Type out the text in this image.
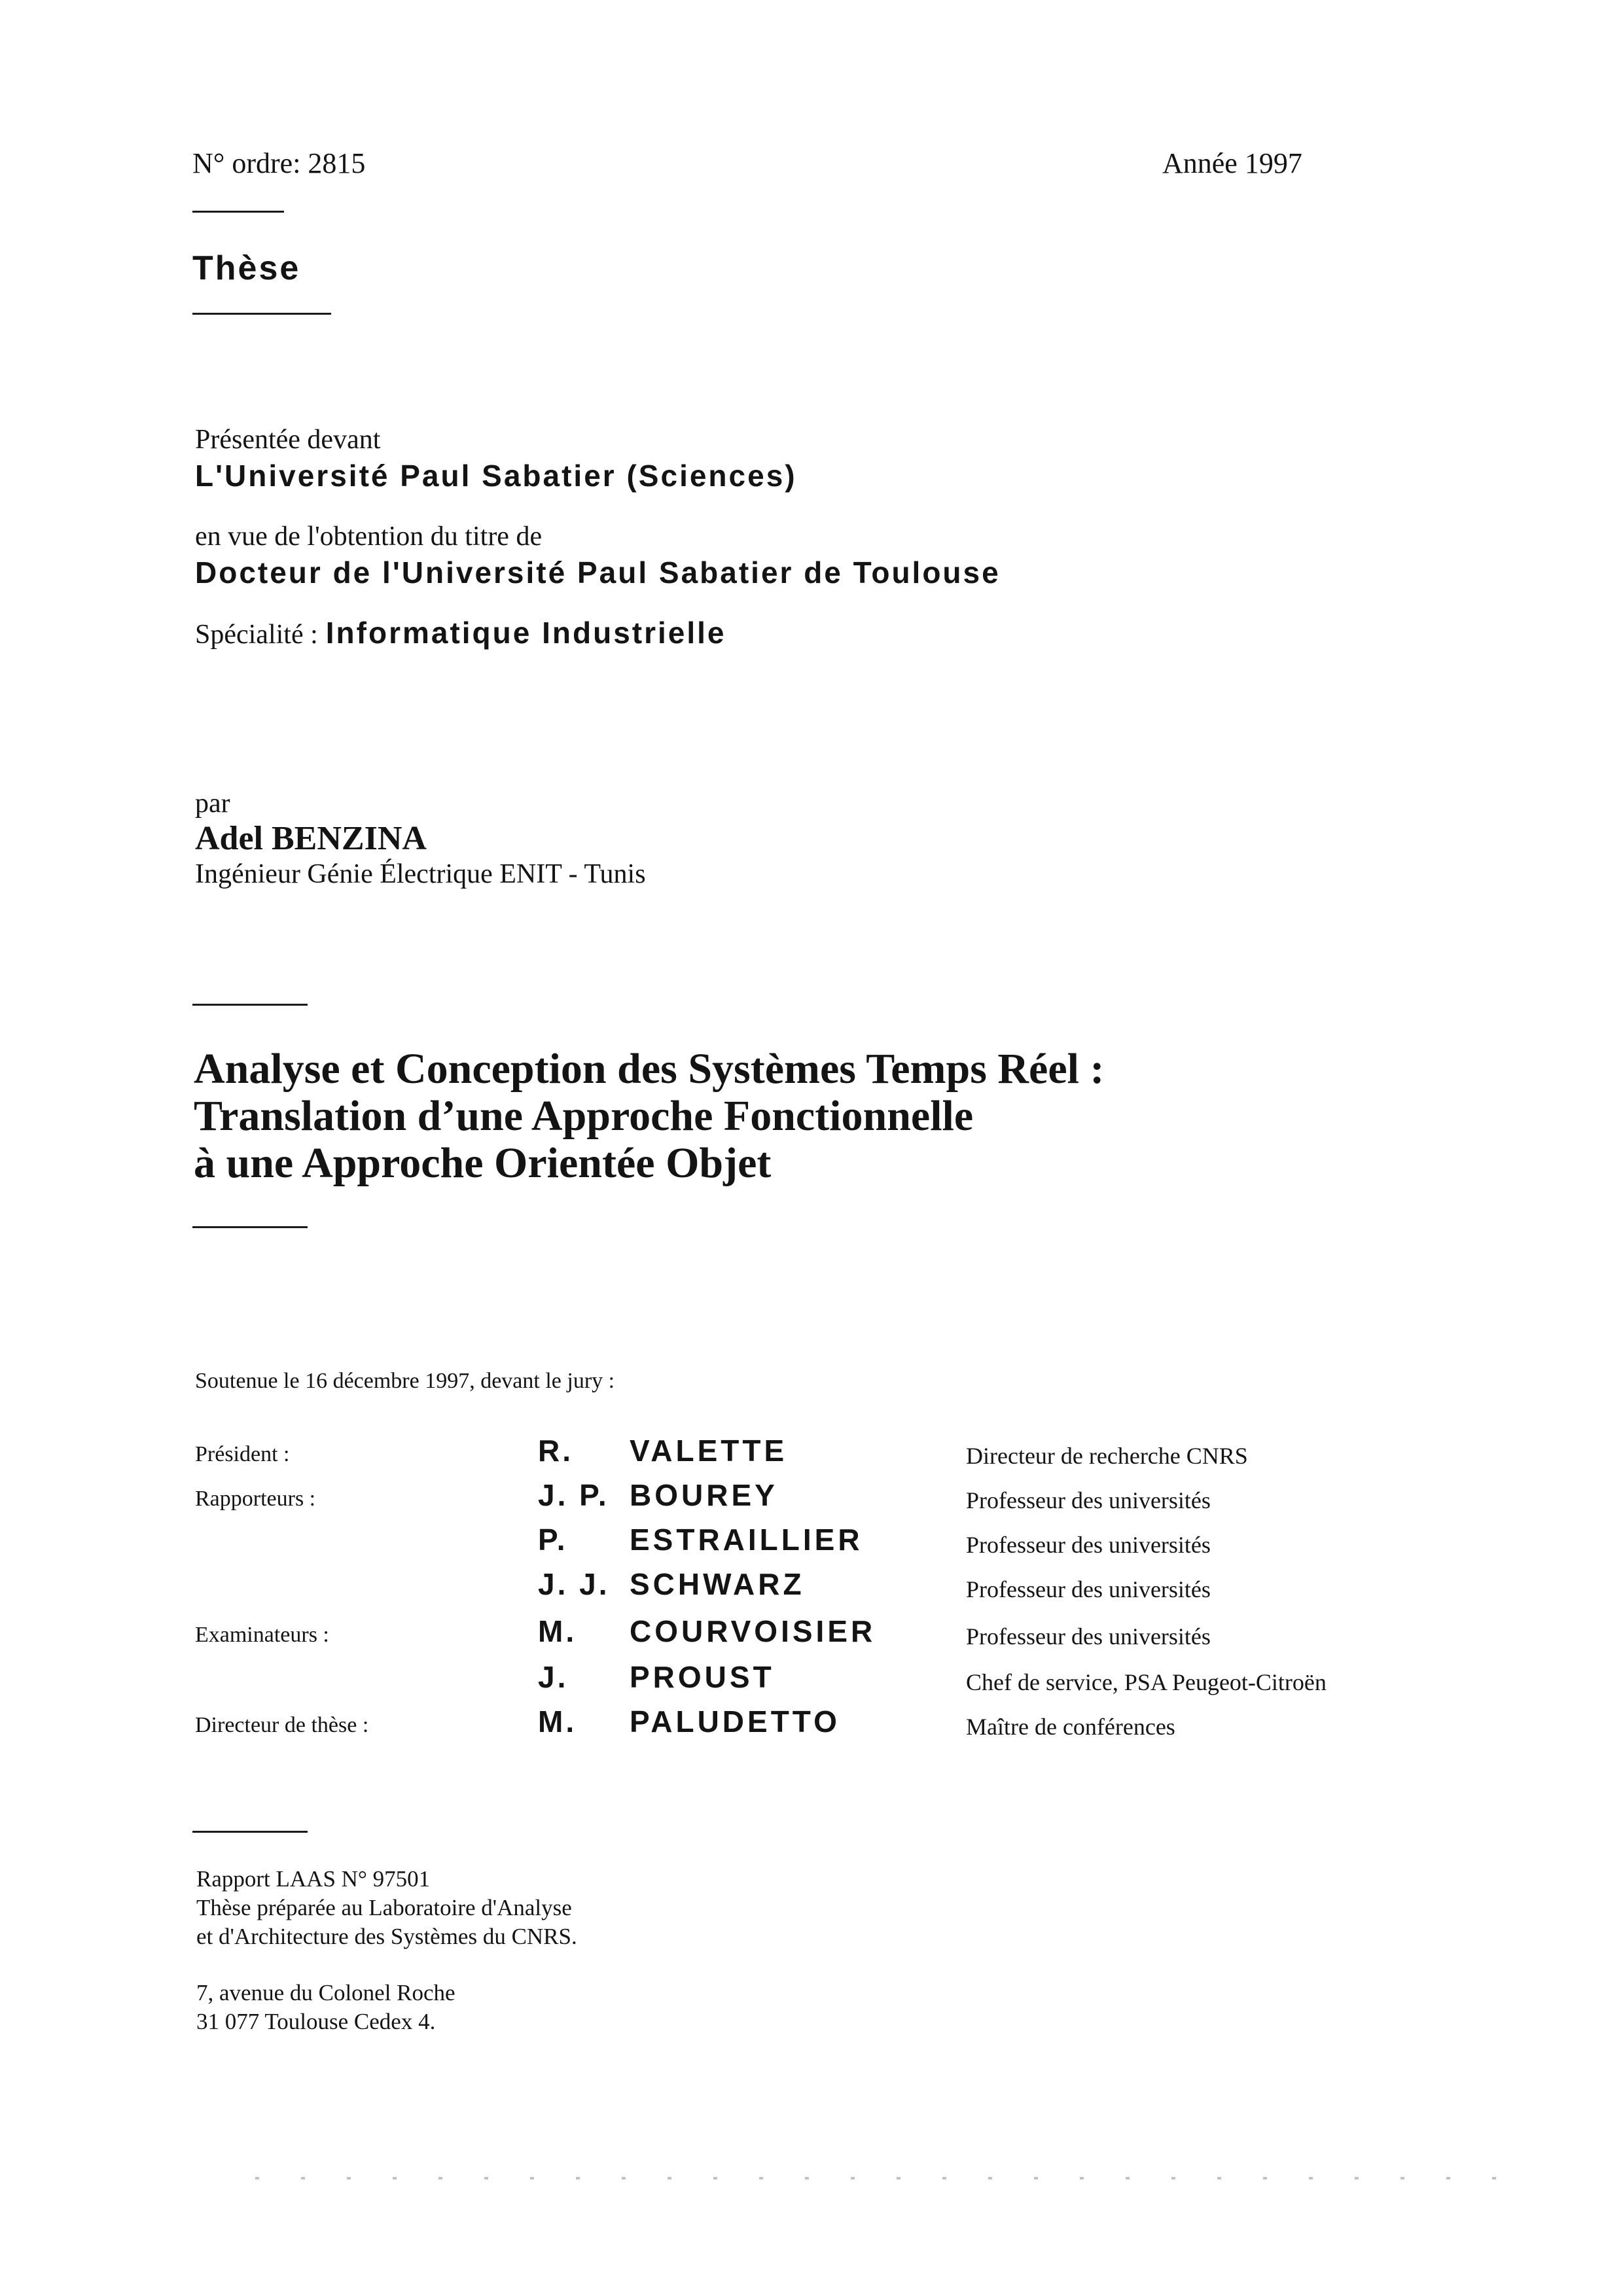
N° ordre: 2815	Année 1997
Thèse
Présentée devant
L'Université Paul Sabatier (Sciences)
en vue de l'obtention du titre de
Docteur de l'Université Paul Sabatier de Toulouse
Spécialité : Informatique Industrielle
par
Adel BENZINA
Ingénieur Génie Électrique ENIT - Tunis
Analyse et Conception des Systèmes Temps Réel :
Translation d’une Approche Fonctionnelle
à une Approche Orientée Objet
Soutenue le 16 décembre 1997, devant le jury :
Président :	R. VALETTE	Directeur de recherche CNRS
Rapporteurs :	J. P. BOUREY	Professeur des universités
P. ESTRAILLIER	Professeur des universités
J. J. SCHWARZ	Professeur des universités
Examinateurs :	M. COURVOISIER	Professeur des universités
J. PROUST	Chef de service, PSA Peugeot-Citroën
Directeur de thèse :	M. PALUDETTO	Maître de conférences
Rapport LAAS N° 97501
Thèse préparée au Laboratoire d'Analyse
et d'Architecture des Systèmes du CNRS.
7, avenue du Colonel Roche
31 077 Toulouse Cedex 4.
